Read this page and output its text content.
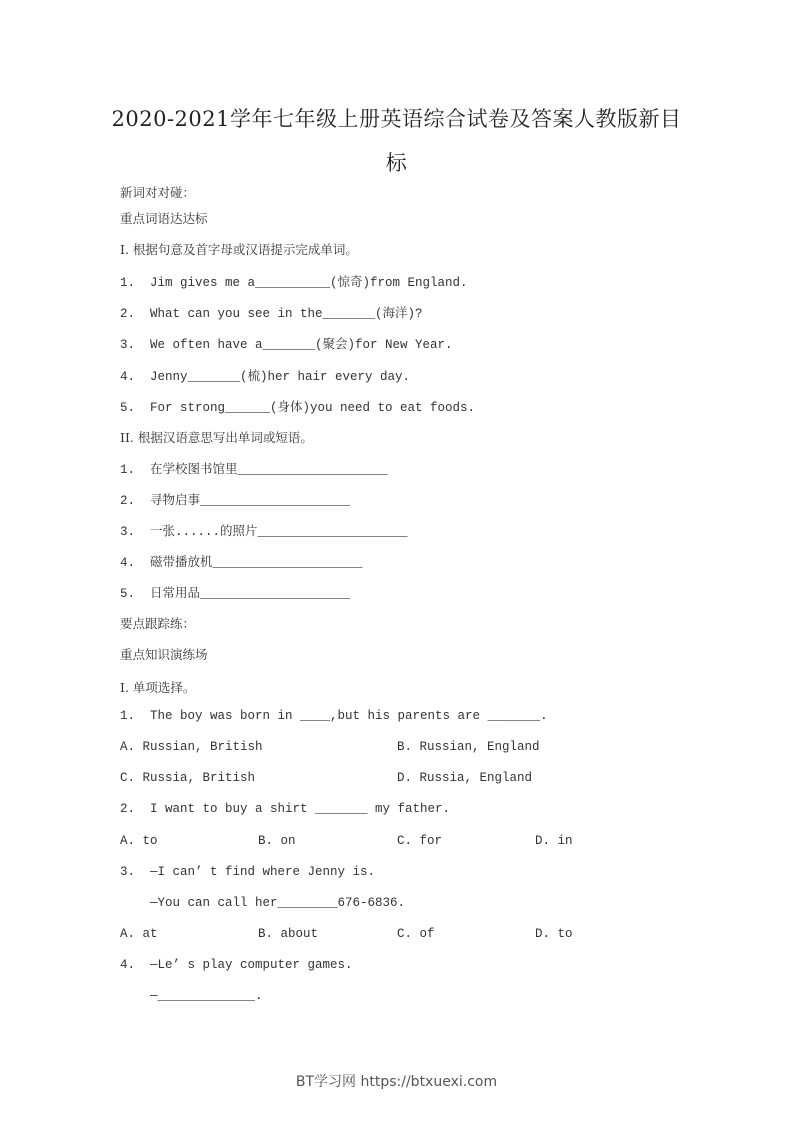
2020-2021学年七年级上册英语综合试卷及答案人教版新目
标
新词对对碰：
重点词语达达标
I. 根据句意及首字母或汉语提示完成单词。
1.  Jim gives me a__________(惊奇)from England.
2.  What can you see in the_______(海洋)?
3.  We often have a_______(聚会)for New Year.
4.  Jenny_______(梳)her hair every day.
5.  For strong______(身体)you need to eat foods.
II. 根据汉语意思写出单词或短语。
1.  在学校图书馆里____________________
2.  寻物启事____________________
3.  一张......的照片____________________
4.  磁带播放机____________________
5.  日常用品____________________
要点跟踪练：
重点知识演练场
I. 单项选择。
1.  The boy was born in ____,but his parents are _______.
A. Russian, British	B. Russian, England
C. Russia, British	D. Russia, England
2.  I want to buy a shirt _______ my father.
A. to	B. on	C. for	D. in
3.  —I can’ t find where Jenny is.
—You can call her________676-6836.
A. at	B. about	C. of	D. to
4.  —Le’ s play computer games.
—_____________.
BT学习网 https://btxuexi.com
